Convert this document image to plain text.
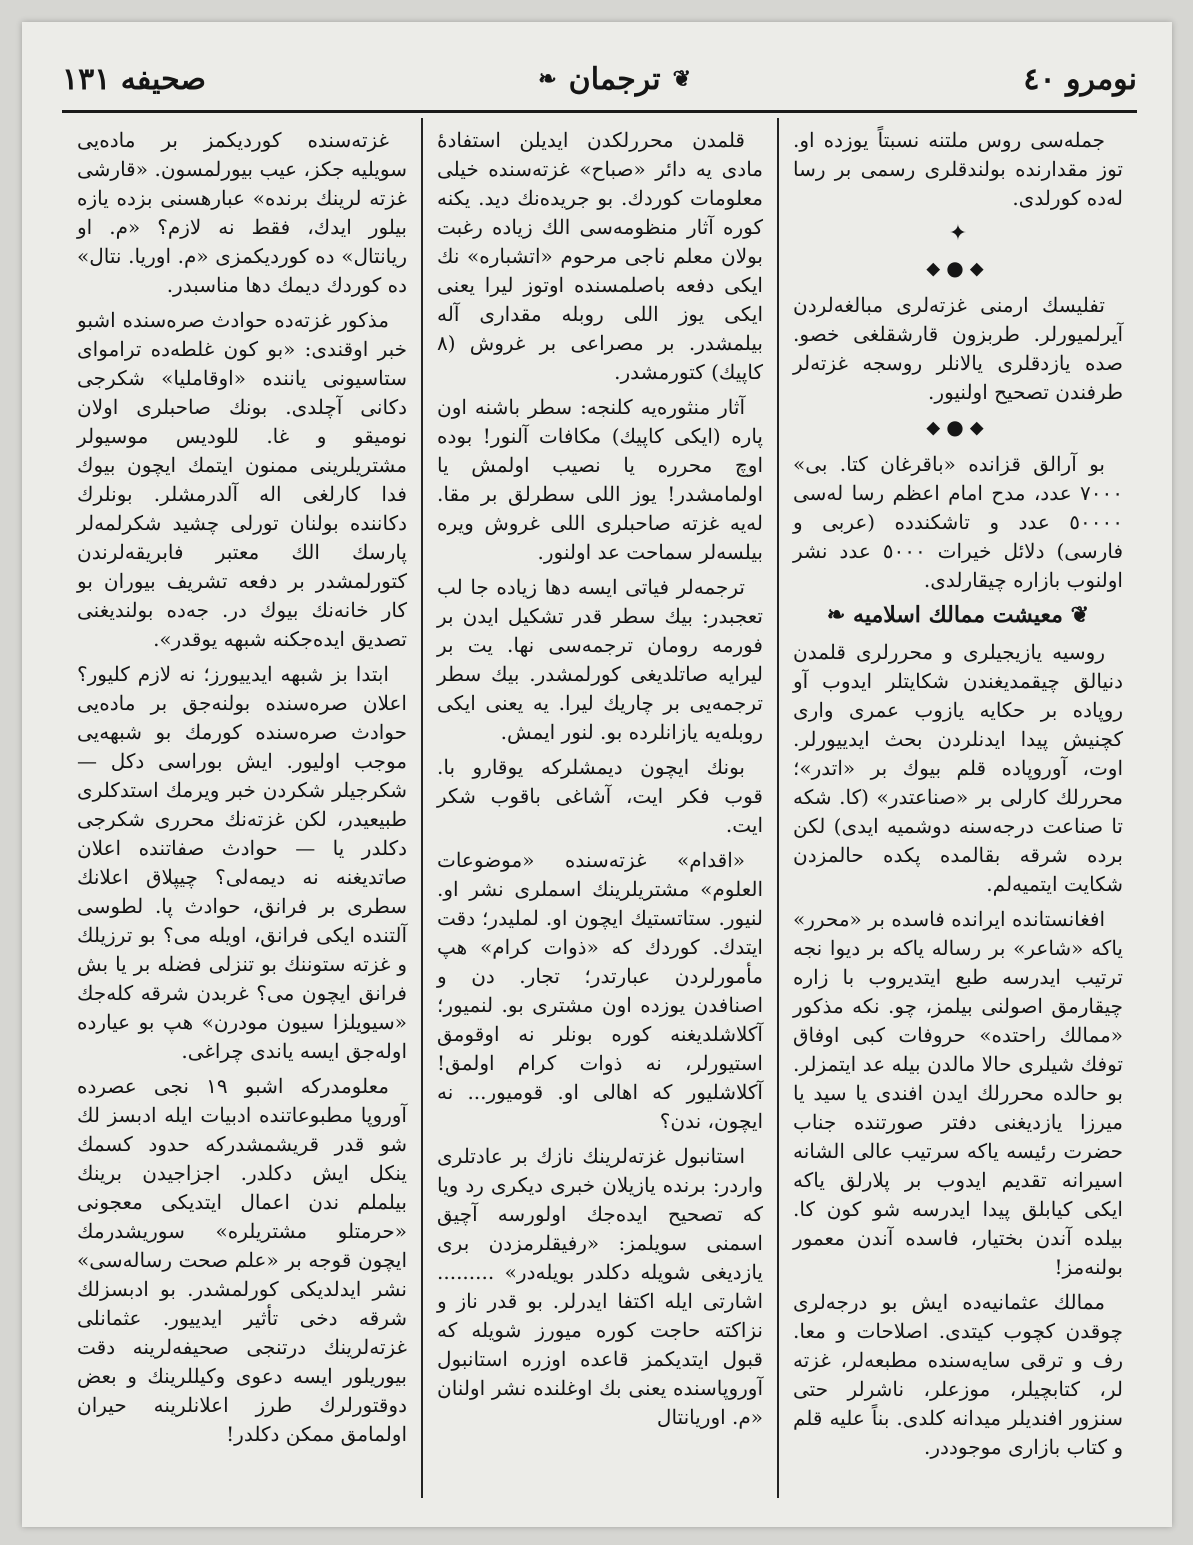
نومرو ٤٠
❦
ترجمان
❧
صحیفه ١٣١

جمله‌سی روس ملتنه نسبتاً یوزده او. توز مقدارنده بولندقلری رسمی بر رسا له‌ده کورلدی.

✦
⬥●⬥

تفلیسك ارمنی غزته‌لری مبالغه‌لردن آیرلمیورلر. طربزون قارشقلغی خصو. صده یازدقلری یالانلر روسجه غزته‌لر طرفندن تصحیح اولنیور.

⬥●⬥

بو آرالق قزانده «باقرغان کتا. بی» ٧٠٠٠ عدد، مدح امام اعظم رسا له‌سی ٥٠٠٠٠ عدد و تاشکندده (عربی و فارسی) دلائل خیرات ٥٠٠٠ عدد نشر اولنوب بازاره چیقارلدی.

❦ معیشت ممالك اسلامیه ❧

روسیه یازیجیلری و محررلری قلمدن دنیالق چیقمدیغندن شکایتلر ایدوب آو روپاده بر حکایه یازوب عمری واری کچنیش پیدا ایدنلردن بحث ایدییورلر. اوت، آوروپاده قلم بیوك بر «اتدر»؛ محررلك کارلی بر «صناعتدر» (کا. شکه تا صناعت درجه‌سنه دوشمیه ایدی) لکن برده شرقه بقالمده پکده حالمزدن شکایت ایتمیه‌لم.

افغانستانده ایرانده فاسده بر «محرر» یاکه «شاعر» بر رساله یاکه بر دیوا نجه ترتیب ایدرسه طبع ایتدیروب با زاره چیقارمق اصولنی بیلمز، چو. نکه مذکور «ممالك راحتده» حروفات کبی اوفاق توفك شیلری حالا مالدن بیله عد ایتمزلر. بو حالده محررلك ایدن افندی یا سید یا میرزا یازدیغنی دفتر صورتنده جناب حضرت رئیسه یاکه سرتیب عالی الشانه اسیرانه تقدیم ایدوب بر پلارلق یاکه ایکی کیابلق پیدا ایدرسه شو کون کا. بیلده آندن بختیار، فاسده آندن معمور بولنه‌مز!

ممالك عثمانیه‌ده ایش بو درجه‌لری چوقدن کچوب کیتدی. اصلاحات و معا. رف و ترقی سایه‌سنده مطبعه‌لر، غزته لر، کتابچیلر، موزعلر، ناشرلر حتی سنزور افندیلر میدانه کلدی. بناً علیه قلم و کتاب بازاری موجوددر.

قلمدن محررلکدن ایدیلن استفادهٔ مادی یه دائر «صباح» غزته‌سنده خیلی معلومات کوردك. بو جریده‌نك دید. یکنه کوره آثار منظومه‌سی الك زیاده رغبت بولان معلم ناجی مرحوم «اتشباره» نك ایکی دفعه باصلمسنده اوتوز لیرا یعنی ایکی یوز اللی روبله مقداری آله بیلمشدر. بر مصراعی بر غروش (٨ کاپیك) کتورمشدر.

آثار منثوره‌یه کلنجه: سطر باشنه اون پاره (ایکی کاپیك) مکافات آلنور! بوده اوچ محرره یا نصیب اولمش یا اولمامشدر! یوز اللی سطرلق بر مقا. له‌یه غزته صاحبلری اللی غروش ویره بیلسه‌لر سماحت عد اولنور.

ترجمه‌لر فیاتی ایسه دها زیاده جا لب تعجبدر: بیك سطر قدر تشکیل ایدن بر فورمه رومان ترجمه‌سی نها. یت بر لیرایه صاتلدیغی کورلمشدر. بیك سطر ترجمه‌یی بر چاریك لیرا. یه یعنی ایکی روبله‌یه یازانلرده بو. لنور ایمش.

بونك ایچون دیمشلرکه یوقارو با. قوب فکر ایت، آشاغی باقوب شکر ایت.

«اقدام» غزته‌سنده «موضوعات العلوم» مشتریلرینك اسملری نشر او. لنیور. ستاتستیك ایچون او. لملیدر؛ دقت ایتدك. کوردك که «ذوات کرام» هپ مأمورلردن عبارتدر؛ تجار. دن و اصنافدن یوزده اون مشتری بو. لنمیور؛ آکلاشلدیغنه کوره بونلر نه اوقومق استیورلر، نه ذوات کرام اولمق! آکلاشلیور که اهالی او. قومیور... نه ایچون، ندن؟

استانبول غزته‌لرینك نازك بر عادتلری واردر: برنده یازیلان خبری دیکری رد ویا که تصحیح ایده‌جك اولورسه آچیق اسمنی سویلمز: «رفیقلرمزدن بری یازدیغی شویله دکلدر بویله‌در» ......... اشارتی ایله اکتفا ایدرلر. بو قدر ناز و نزاکته حاجت کوره میورز شویله که قبول ایتدیکمز قاعده اوزره استانبول آوروپاسنده یعنی بك اوغلنده نشر اولنان «م. اوریانتال

غزته‌سنده کوردیکمز بر ماده‌یی سویلیه جکز، عیب بیورلمسون. «قارشی غزته لرینك برنده» عبارهسنی بزده یازه بیلور ایدك، فقط نه لازم؟ «م. او ریانتال» ده کوردیکمزی «م. اوریا. نتال» ده کوردك دیمك دها مناسبدر.

مذکور غزته‌ده حوادث صره‌سنده اشبو خبر اوقندی: «بو کون غلطه‌ده تراموای ستاسیونی یاننده «اوقاملیا» شکرجی دکانی آچلدی. بونك صاحبلری اولان نومیقو و غا. للودیس موسیولر مشتریلرینی ممنون ایتمك ایچون بیوك فدا کارلغی اله آلدرمشلر. بونلرك دکاننده بولنان تورلی چشید شکرلمه‌لر پارسك الك معتبر فابریقه‌لرندن کتورلمشدر بر دفعه تشریف بیوران بو کار خانه‌نك بیوك در. جه‌ده بولندیغنی تصدیق ایده‌جکنه شبهه یوقدر».

ابتدا بز شبهه ایدییورز؛ نه لازم کلیور؟ اعلان صره‌سنده بولنه‌جق بر ماده‌یی حوادث صره‌سنده کورمك بو شبهه‌یی موجب اولیور. ایش بوراسی دکل — شکرجیلر شکردن خبر ویرمك استدکلری طبیعیدر، لکن غزته‌نك محرری شکرجی دکلدر یا — حوادث صفاتنده اعلان صاتدیغنه نه دیمه‌لی؟ چیپلاق اعلانك سطری بر فرانق، حوادث پا. لطوسی آلتنده ایکی فرانق، اویله می؟ بو ترزیلك و غزته ستوننك بو تنزلی فضله بر یا بش فرانق ایچون می؟ غربدن شرقه کله‌جك «سیویلزا سیون مودرن» هپ بو عیارده اوله‌جق ایسه یاندی چراغی.

معلومدرکه اشبو ١٩ نجی عصرده آوروپا مطبوعاتنده ادبیات ایله ادبسز لك شو قدر قریشمشدرکه حدود کسمك ینکل ایش دکلدر. اجزاجیدن برینك بیلملم ندن اعمال ایتدیکی معجونی «حرمتلو مشتریلره» سوریشدرمك ایچون قوجه بر «علم صحت رساله‌سی» نشر ایدلدیکی کورلمشدر. بو ادبسزلك شرقه دخی تأثیر ایدییور. عثمانلی غزته‌لرینك درتنجی صحیفه‌لرینه دقت بیوریلور ایسه دعوی وکیللرینك و بعض دوقتورلرك طرز اعلانلرینه حیران اولمامق ممکن دکلدر!
